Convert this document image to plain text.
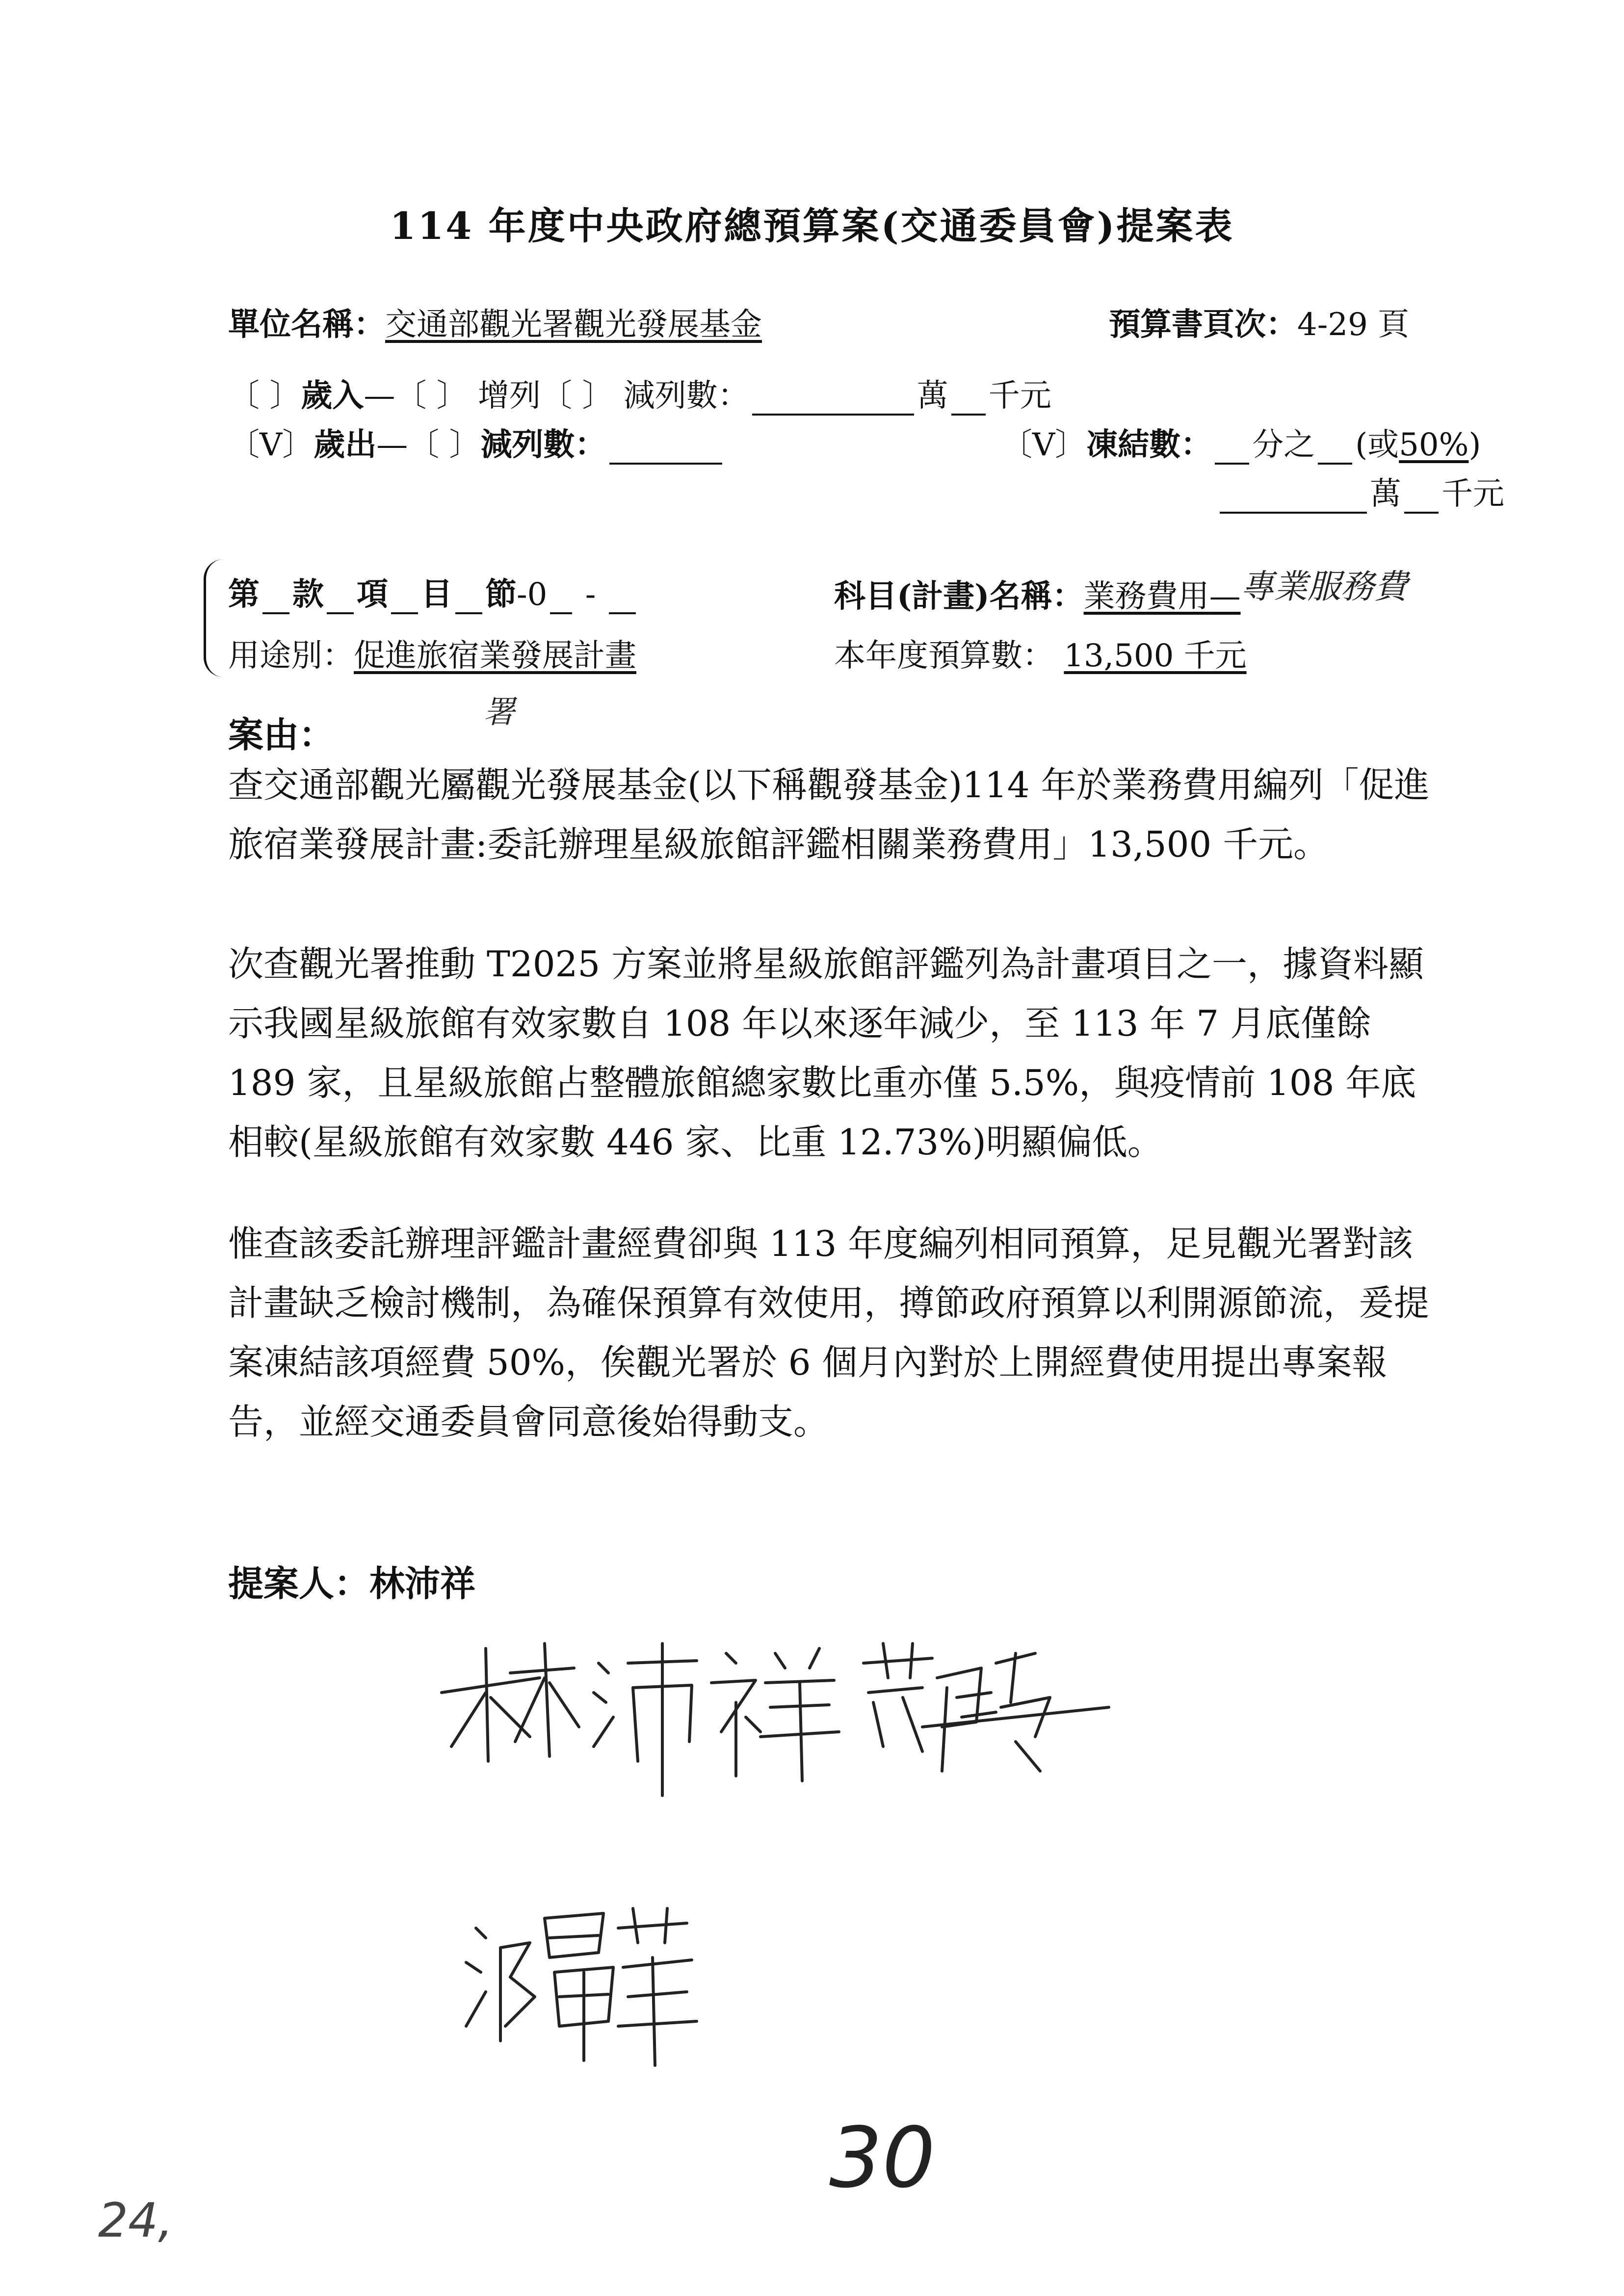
114 年度中央政府總預算案(交通委員會)提案表
單位名稱：交通部觀光署觀光發展基金	預算書頁次：4-29 頁
〔 〕歲入—〔 〕 增列〔 〕 減列數：	萬 千元
〔V〕歲出—〔 〕減列數：	〔V〕凍結數： 分之 (或50%)
萬 千元
第 款 項 目 節-0 -	科目(計畫)名稱：業務費用—專業服務費
用途別：促進旅宿業發展計畫	本年度預算數： 13,500 千元
署
案由：
查交通部觀光屬觀光發展基金(以下稱觀發基金)114 年於業務費用編列「促進旅宿業發展計畫:委託辦理星級旅館評鑑相關業務費用」13,500 千元。
次查觀光署推動 T2025 方案並將星級旅館評鑑列為計畫項目之一，據資料顯示我國星級旅館有效家數自 108 年以來逐年減少，至 113 年 7 月底僅餘 189 家，且星級旅館占整體旅館總家數比重亦僅 5.5%，與疫情前 108 年底相較(星級旅館有效家數 446 家、比重 12.73%)明顯偏低。
惟查該委託辦理評鑑計畫經費卻與 113 年度編列相同預算，足見觀光署對該計畫缺乏檢討機制，為確保預算有效使用，撙節政府預算以利開源節流，爰提案凍結該項經費 50%，俟觀光署於 6 個月內對於上開經費使用提出專案報告，並經交通委員會同意後始得動支。
提案人：林沛祥
30
24,
